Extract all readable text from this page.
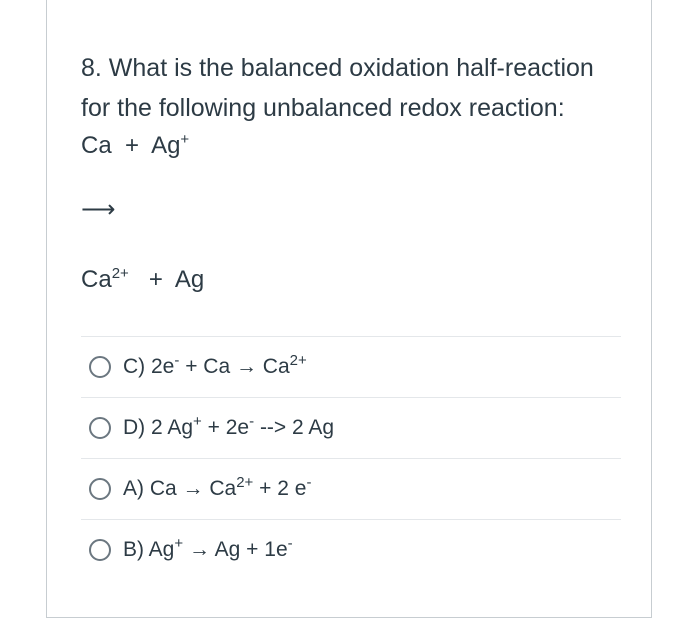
8. What is the balanced oxidation half-reaction
for the following unbalanced redox reaction:
Ca + Ag+
⟶
$Ca^{2+} + Ag$
C) $2e^- + Ca \to Ca^{2+}$
D) 2 Ag+ + 2e- --> 2 Ag
A) $Ca \to Ca^{2+} + 2$ e-
B) Ag+ → Ag + 1e-
